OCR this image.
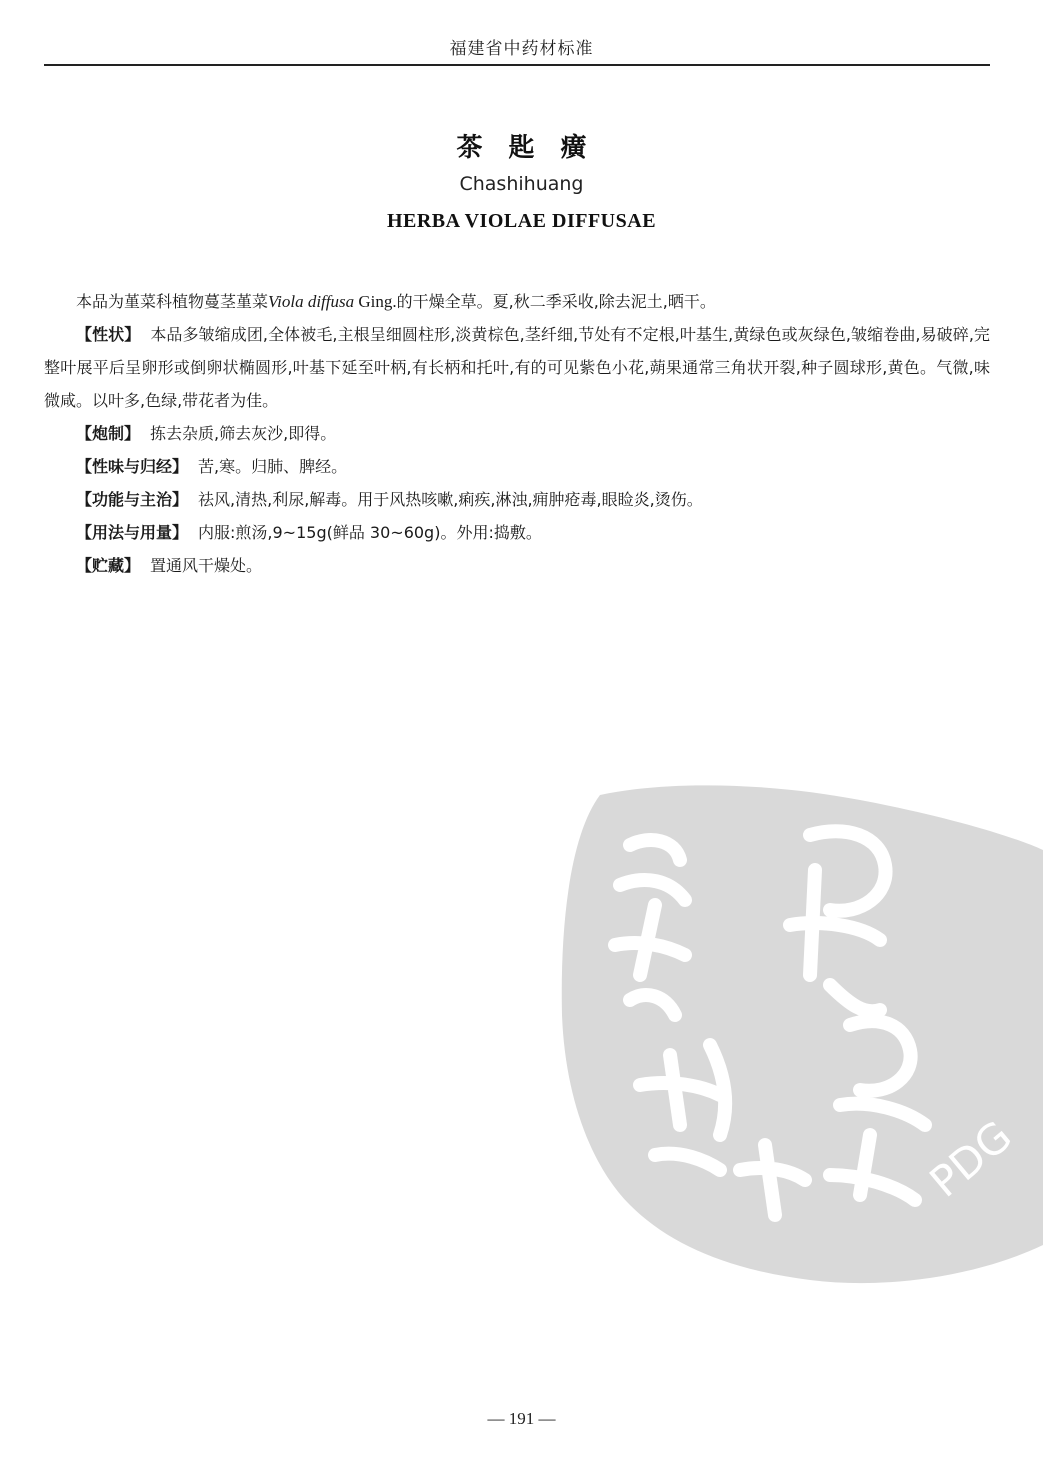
福建省中药材标准
茶匙癀
Chashihuang
HERBA VIOLAE DIFFUSAE

本品为堇菜科植物蔓茎堇菜Viola diffusa Ging.的干燥全草。夏,秋二季采收,除去泥土,晒干。

【性状】 本品多皱缩成团,全体被毛,主根呈细圆柱形,淡黄棕色,茎纤细,节处有不定根,叶基生,黄绿色或灰绿色,皱缩卷曲,易破碎,完整叶展平后呈卵形或倒卵状椭圆形,叶基下延至叶柄,有长柄和托叶,有的可见紫色小花,蒴果通常三角状开裂,种子圆球形,黄色。气微,味微咸。以叶多,色绿,带花者为佳。

【炮制】 拣去杂质,筛去灰沙,即得。

【性味与归经】 苦,寒。归肺、脾经。

【功能与主治】 祛风,清热,利尿,解毒。用于风热咳嗽,痢疾,淋浊,痈肿疮毒,眼睑炎,烫伤。

【用法与用量】 内服:煎汤,9~15g(鲜品 30~60g)。外用:捣敷。

【贮藏】 置通风干燥处。

PDG
— 191 —
